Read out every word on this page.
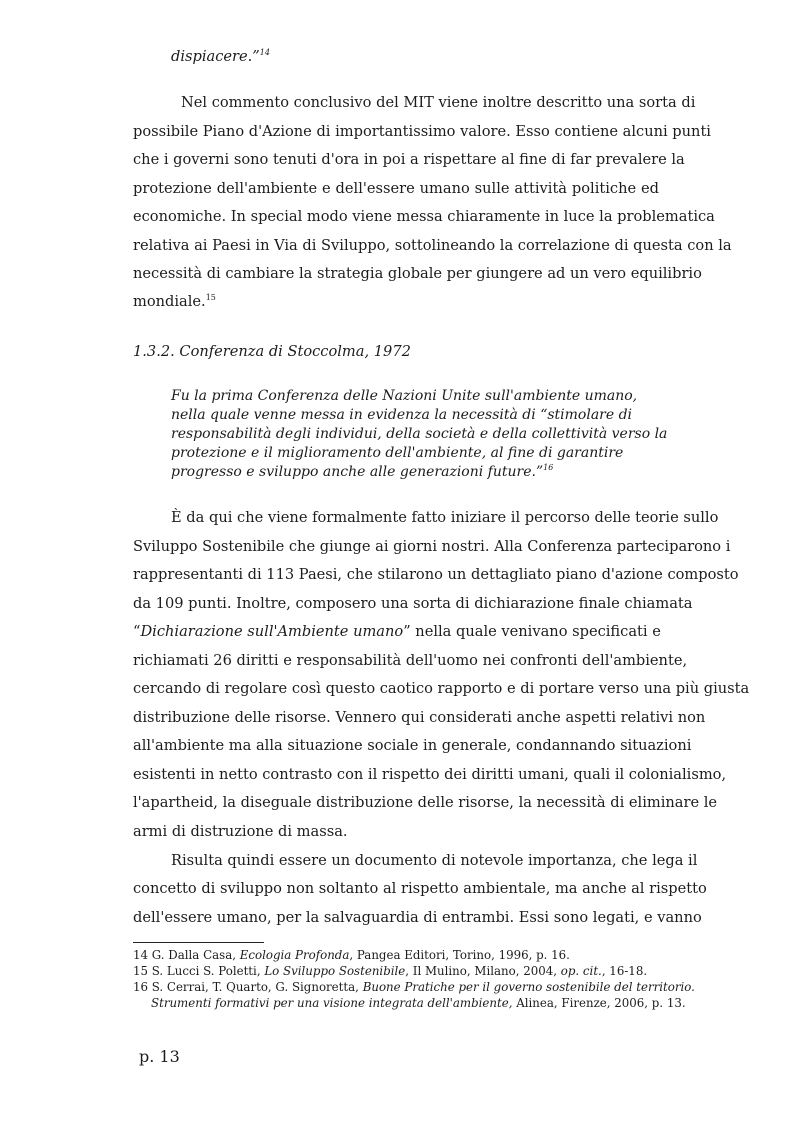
dispiacere.”$^{14}$
Nel commento conclusivo del MIT viene inoltre descritto una sorta di
possibile Piano d'Azione di importantissimo valore. Esso contiene alcuni punti
che i governi sono tenuti d'ora in poi a rispettare al fine di far prevalere la
protezione dell'ambiente e dell'essere umano sulle attività politiche ed
economiche. In special modo viene messa chiaramente in luce la problematica
relativa ai Paesi in Via di Sviluppo, sottolineando la correlazione di questa con la
necessità di cambiare la strategia globale per giungere ad un vero equilibrio
mondiale.$^{15}$
1.3.2. Conferenza di Stoccolma, 1972
Fu la prima Conferenza delle Nazioni Unite sull'ambiente umano,
nella quale venne messa in evidenza la necessità di “stimolare di
responsabilità degli individui, della società e della collettività verso la
protezione e il miglioramento dell'ambiente, al fine di garantire
progresso e sviluppo anche alle generazioni future.”$^{16}$
È da qui che viene formalmente fatto iniziare il percorso delle teorie sullo
Sviluppo Sostenibile che giunge ai giorni nostri. Alla Conferenza parteciparono i
rappresentanti di 113 Paesi, che stilarono un dettagliato piano d'azione composto
da 109 punti. Inoltre, composero una sorta di dichiarazione finale chiamata
“Dichiarazione sull'Ambiente umano” nella quale venivano specificati e
richiamati 26 diritti e responsabilità dell'uomo nei confronti dell'ambiente,
cercando di regolare così questo caotico rapporto e di portare verso una più giusta
distribuzione delle risorse. Vennero qui considerati anche aspetti relativi non
all'ambiente ma alla situazione sociale in generale, condannando situazioni
esistenti in netto contrasto con il rispetto dei diritti umani, quali il colonialismo,
l'apartheid, la diseguale distribuzione delle risorse, la necessità di eliminare le
armi di distruzione di massa.
Risulta quindi essere un documento di notevole importanza, che lega il
concetto di sviluppo non soltanto al rispetto ambientale, ma anche al rispetto
dell'essere umano, per la salvaguardia di entrambi. Essi sono legati, e vanno
14 G. Dalla Casa, Ecologia Profonda, Pangea Editori, Torino, 1996, p. 16.
15 S. Lucci S. Poletti, Lo Sviluppo Sostenibile, Il Mulino, Milano, 2004, op. cit., 16-18.
16 S. Cerrai, T. Quarto, G. Signoretta, Buone Pratiche per il governo sostenibile del territorio.
Strumenti formativi per una visione integrata dell'ambiente, Alinea, Firenze, 2006, p. 13.
p. 13
